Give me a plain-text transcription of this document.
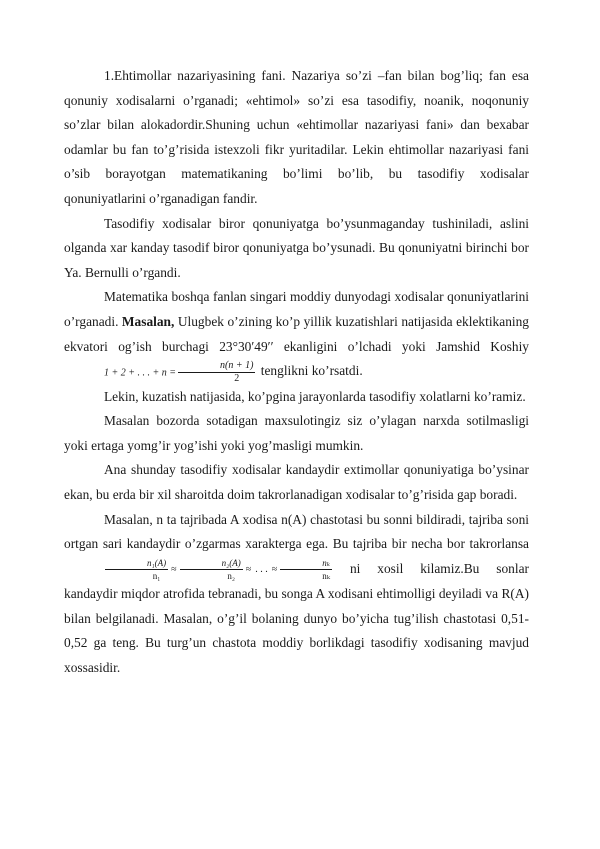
1.Ehtimollar nazariyasining fani. Nazariya so’zi –fan bilan bog’liq; fan esa qonuniy xodisalarni o’rganadi; «ehtimol» so’zi esa tasodifiy, noanik, noqonuniy so’zlar bilan alokadordir.Shuning uchun «ehtimollar nazariyasi fani» dan bexabar odamlar bu fan to’g’risida istexzoli fikr yuritadilar. Lekin ehtimollar nazariyasi fani o’sib borayotgan matematikaning bo’limi bo’lib, bu tasodifiy xodisalar qonuniyatlarini o’rganadigan fandir.

Tasodifiy xodisalar biror qonuniyatga bo’ysunmaganday tushiniladi, aslini olganda xar kanday tasodif biror qonuniyatga bo’ysunadi. Bu qonuniyatni birinchi bor Ya. Bernulli o’rgandi.

Matematika boshqa fanlan singari moddiy dunyodagi xodisalar qonuniyatlarini o’rganadi. Masalan, Ulugbek o’zining ko’p yillik kuzatishlari natijasida eklektikaning ekvatori og’ish burchagi 23°30′49′′ ekanligini o’lchadi yoki Jamshid Koshiy 1 + 2 + . . . + $n = \frac{n(n + 1)}{2}$ tenglikni ko’rsatdi.

Lekin, kuzatish natijasida, ko’pgina jarayonlarda tasodifiy xolatlarni ko’ramiz.

Masalan bozorda sotadigan maxsulotingiz siz o’ylagan narxda sotilmasligi yoki ertaga yomg’ir yog’ishi yoki yog’masligi mumkin.

Ana shunday tasodifiy xodisalar kandaydir extimollar qonuniyatiga bo’ysinar ekan, bu erda bir xil sharoitda doim takrorlanadigan xodisalar to’g’risida gap boradi.

Masalan, n ta tajribada A xodisa n(A) chastotasi bu sonni bildiradi, tajriba soni ortgan sari kandaydir o’zgarmas xarakterga ega. Bu tajriba bir necha bor takrorlansa
$\frac{\text{n₁(A)}}{\text{n₁}} \approx \frac{\text{n₂(A)}}{\text{n₂}}$ ≈ . . . ≈ $\frac{\text{nₖ}}{\text{nₖ}}$ ni xosil kilamiz.Bu sonlar kandaydir miqdor atrofida tebranadi, bu songa A xodisani ehtimolligi deyiladi va R(A) bilan belgilanadi. Masalan, o’g’il bolaning dunyo bo’yicha tug’ilish chastotasi 0,51-0,52 ga teng. Bu turg’un chastota moddiy borlikdagi tasodifiy xodisaning mavjud xossasidir.
